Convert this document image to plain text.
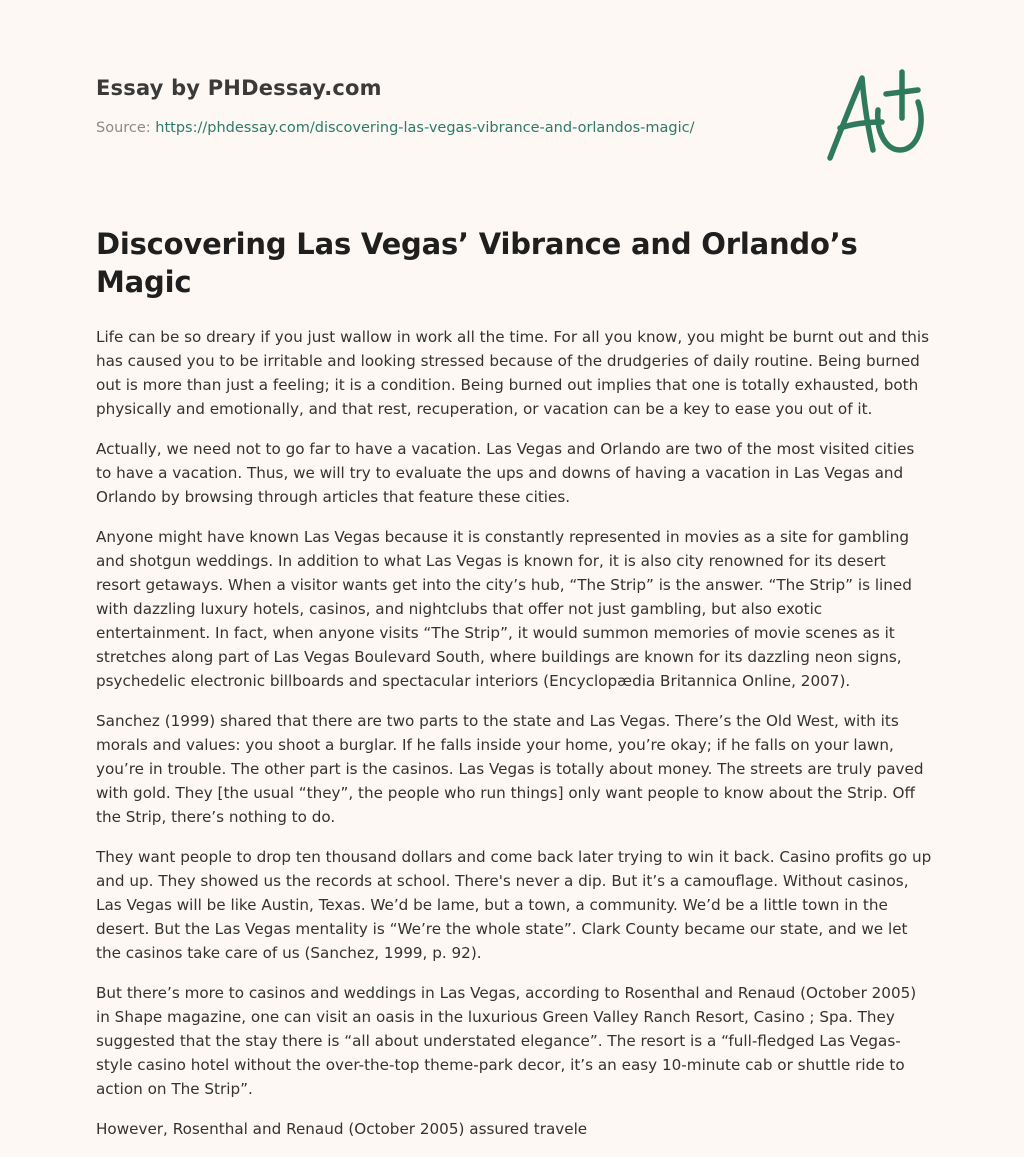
Essay by PHDessay.com

Source: https://phdessay.com/discovering-las-vegas-vibrance-and-orlandos-magic/
Discovering Las Vegas’ Vibrance and Orlando’s Magic

Life can be so dreary if you just wallow in work all the time. For all you know, you might be burnt out and this has caused you to be irritable and looking stressed because of the drudgeries of daily routine. Being burned out is more than just a feeling; it is a condition. Being burned out implies that one is totally exhausted, both physically and emotionally, and that rest, recuperation, or vacation can be a key to ease you out of it.

Actually, we need not to go far to have a vacation. Las Vegas and Orlando are two of the most visited cities to have a vacation. Thus, we will try to evaluate the ups and downs of having a vacation in Las Vegas and Orlando by browsing through articles that feature these cities.

Anyone might have known Las Vegas because it is constantly represented in movies as a site for gambling and shotgun weddings. In addition to what Las Vegas is known for, it is also city renowned for its desert resort getaways. When a visitor wants get into the city’s hub, “The Strip” is the answer. “The Strip” is lined with dazzling luxury hotels, casinos, and nightclubs that offer not just gambling, but also exotic entertainment. In fact, when anyone visits “The Strip”, it would summon memories of movie scenes as it stretches along part of Las Vegas Boulevard South, where buildings are known for its dazzling neon signs, psychedelic electronic billboards and spectacular interiors (Encyclopædia Britannica Online, 2007).

Sanchez (1999) shared that there are two parts to the state and Las Vegas. There’s the Old West, with its morals and values: you shoot a burglar. If he falls inside your home, you’re okay; if he falls on your lawn, you’re in trouble. The other part is the casinos. Las Vegas is totally about money. The streets are truly paved with gold. They [the usual “they”, the people who run things] only want people to know about the Strip. Off the Strip, there’s nothing to do.

They want people to drop ten thousand dollars and come back later trying to win it back. Casino profits go up and up. They showed us the records at school. There's never a dip. But it’s a camouflage. Without casinos, Las Vegas will be like Austin, Texas. We’d be lame, but a town, a community. We’d be a little town in the desert. But the Las Vegas mentality is “We’re the whole state”. Clark County became our state, and we let the casinos take care of us (Sanchez, 1999, p. 92).

But there’s more to casinos and weddings in Las Vegas, according to Rosenthal and Renaud (October 2005) in Shape magazine, one can visit an oasis in the luxurious Green Valley Ranch Resort, Casino ; Spa. They suggested that the stay there is “all about understated elegance”. The resort is a “full-fledged Las Vegas-style casino hotel without the over-the-top theme-park decor, it’s an easy 10-minute cab or shuttle ride to action on The Strip”.

However, Rosenthal and Renaud (October 2005) assured travele
